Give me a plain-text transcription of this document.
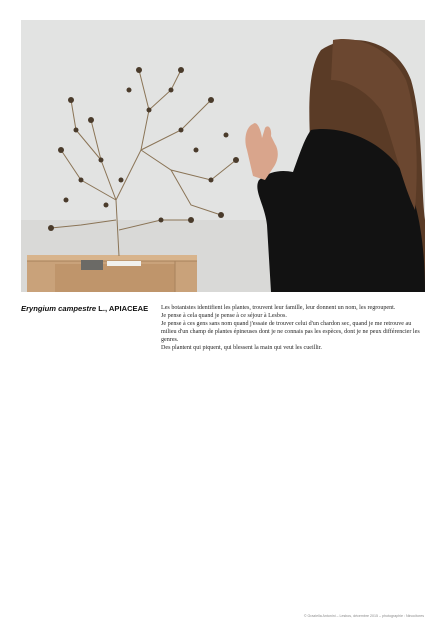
Eryngium campestre L., APIACEAE	Les botanistes identifient les plantes, trouvent leur famille, leur donnent un nom, les regroupent.

Je pense à cela quand je pense à ce séjour à Lesbos.

Je pense à ces gens sans nom quand j'essaie de trouver celui d'un chardon sec, quand je me retrouve au milieu d'un champ de plantes épineuses dont je ne connais pas les espèces, dont je ne peux différencier les genres.

Des plantent qui piquent, qui blessent la main qui veut les cueillir.

© Graziella Antonini – Lesbos, décembre 2015 – photographie : Ninocitores
